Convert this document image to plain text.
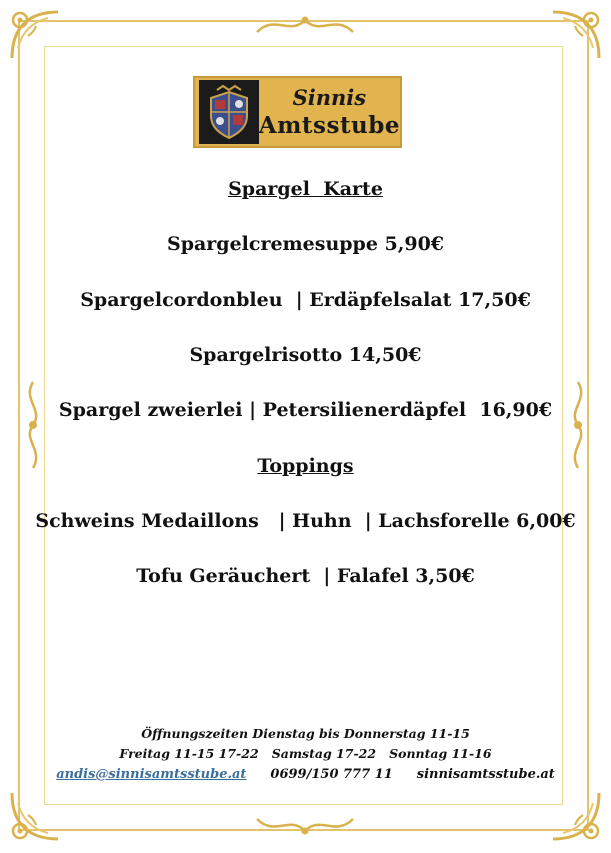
Sinnis
Amtsstube
Spargel  Karte
Spargelcremesuppe 5,90€
Spargelcordonbleu  | Erdäpfelsalat 17,50€
Spargelrisotto 14,50€
Spargel zweierlei | Petersilienerdäpfel  16,90€
Toppings
Schweins Medaillons   | Huhn  | Lachsforelle 6,00€
Tofu Geräuchert  | Falafel 3,50€
Öffnungszeiten Dienstag bis Donnerstag 11-15
Freitag 11-15 17-22   Samstag 17-22   Sonntag 11-16
andis@sinnisamtsstube.at 0699/150 777 11 sinnisamtsstube.at
